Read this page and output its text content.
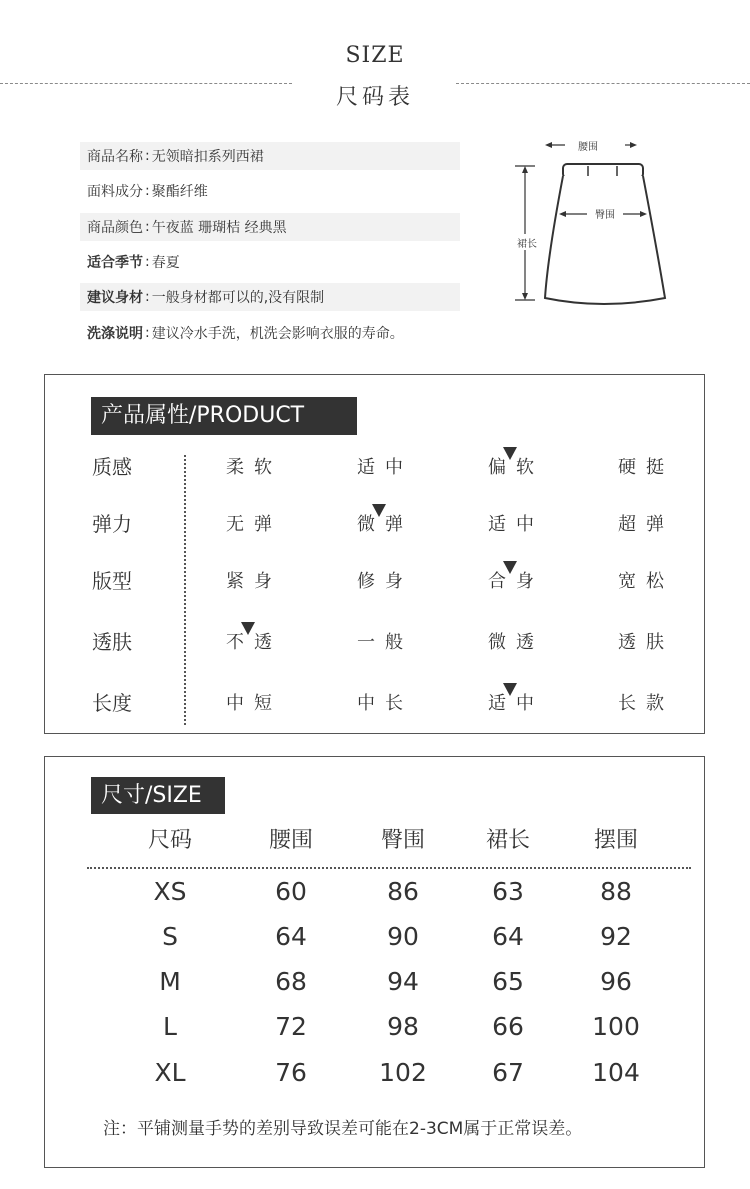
SIZE
尺码表
商品名称 : 无领暗扣系列西裙
面料成分 : 聚酯纤维
商品颜色 : 午夜蓝 珊瑚桔 经典黑
适合季节 : 春夏
建议身材 : 一般身材都可以的,没有限制
洗涤说明 : 建议冷水手洗，机洗会影响衣服的寿命。
腰围
臀围
裙长
产品属性/PRODUCT
质感	柔软	适中	偏软	硬挺
弹力	无弹	微弹	适中	超弹
版型	紧身	修身	合身	宽松
透肤	不透	一般	微透	透肤
长度	中短	中长	适中	长款
尺寸/SIZE
尺码	腰围	臀围	裙长	摆围
XS	60	86	63	88
S	64	90	64	92
M	68	94	65	96
L	72	98	66	100
XL	76	102	67	104
注：平铺测量手势的差别导致误差可能在2-3CM属于正常误差。
